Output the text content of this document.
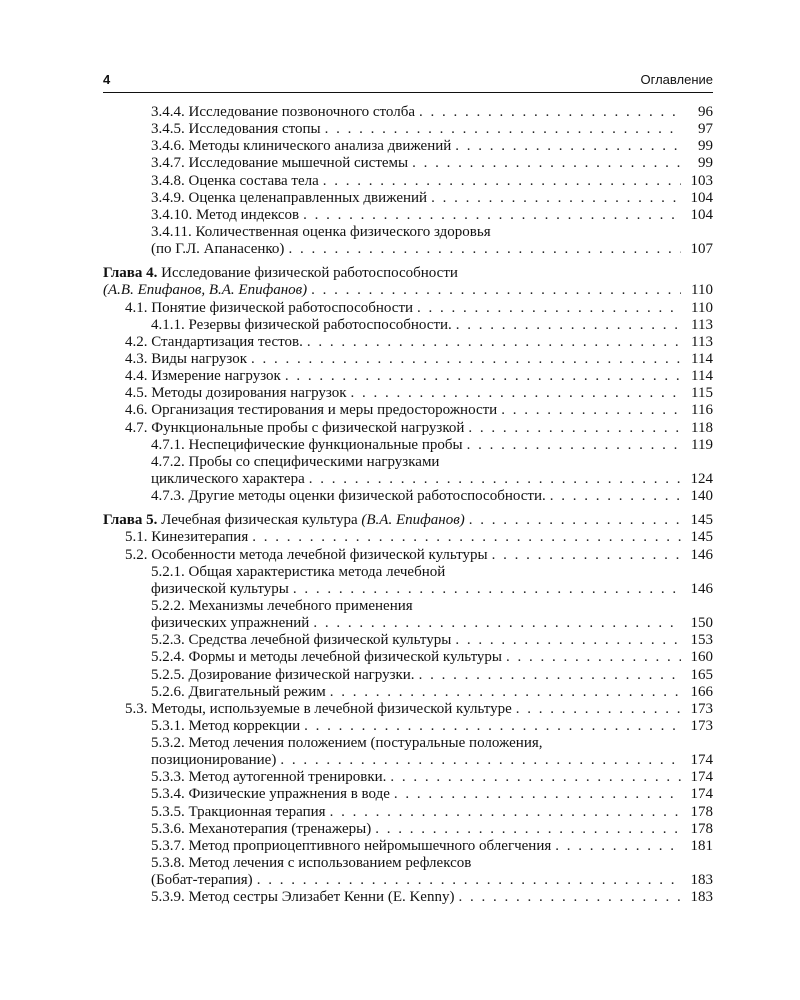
4	Оглавление
3.4.4. Исследование позвоночного столба . . .	96
3.4.5. Исследования стопы . . .	97
3.4.6. Методы клинического анализа движений . . .	99
3.4.7. Исследование мышечной системы . . .	99
3.4.8. Оценка состава тела . . .	103
3.4.9. Оценка целенаправленных движений . . .	104
3.4.10. Метод индексов . . .	104
3.4.11. Количественная оценка физического здоровья
(по Г.Л. Апанасенко) . . .	107
Глава 4. Исследование физической работоспособности
(А.В. Епифанов, В.А. Епифанов) . . .	110
4.1. Понятие физической работоспособности . . .	110
4.1.1. Резервы физической работоспособности. . . .	113
4.2. Стандартизация тестов. . . .	113
4.3. Виды нагрузок . . .	114
4.4. Измерение нагрузок . . .	114
4.5. Методы дозирования нагрузок . . .	115
4.6. Организация тестирования и меры предосторожности . . .	116
4.7. Функциональные пробы с физической нагрузкой . . .	118
4.7.1. Неспецифические функциональные пробы . . .	119
4.7.2. Пробы со специфическими нагрузками
циклического характера . . .	124
4.7.3. Другие методы оценки физической работоспособности. . . .	140
Глава 5. Лечебная физическая культура (В.А. Епифанов) . . .	145
5.1. Кинезитерапия . . .	145
5.2. Особенности метода лечебной физической культуры . . .	146
5.2.1. Общая характеристика метода лечебной
физической культуры . . .	146
5.2.2. Механизмы лечебного применения
физических упражнений . . .	150
5.2.3. Средства лечебной физической культуры . . .	153
5.2.4. Формы и методы лечебной физической культуры . . .	160
5.2.5. Дозирование физической нагрузки. . . .	165
5.2.6. Двигательный режим . . .	166
5.3. Методы, используемые в лечебной физической культуре . . .	173
5.3.1. Метод коррекции . . .	173
5.3.2. Метод лечения положением (постуральные положения,
позиционирование) . . .	174
5.3.3. Метод аутогенной тренировки. . . .	174
5.3.4. Физические упражнения в воде . . .	174
5.3.5. Тракционная терапия . . .	178
5.3.6. Механотерапия (тренажеры) . . .	178
5.3.7. Метод проприоцептивного нейромышечного облегчения . . .	181
5.3.8. Метод лечения с использованием рефлексов
(Бобат-терапия) . . .	183
5.3.9. Метод сестры Элизабет Кенни (E. Kenny) . . .	183
